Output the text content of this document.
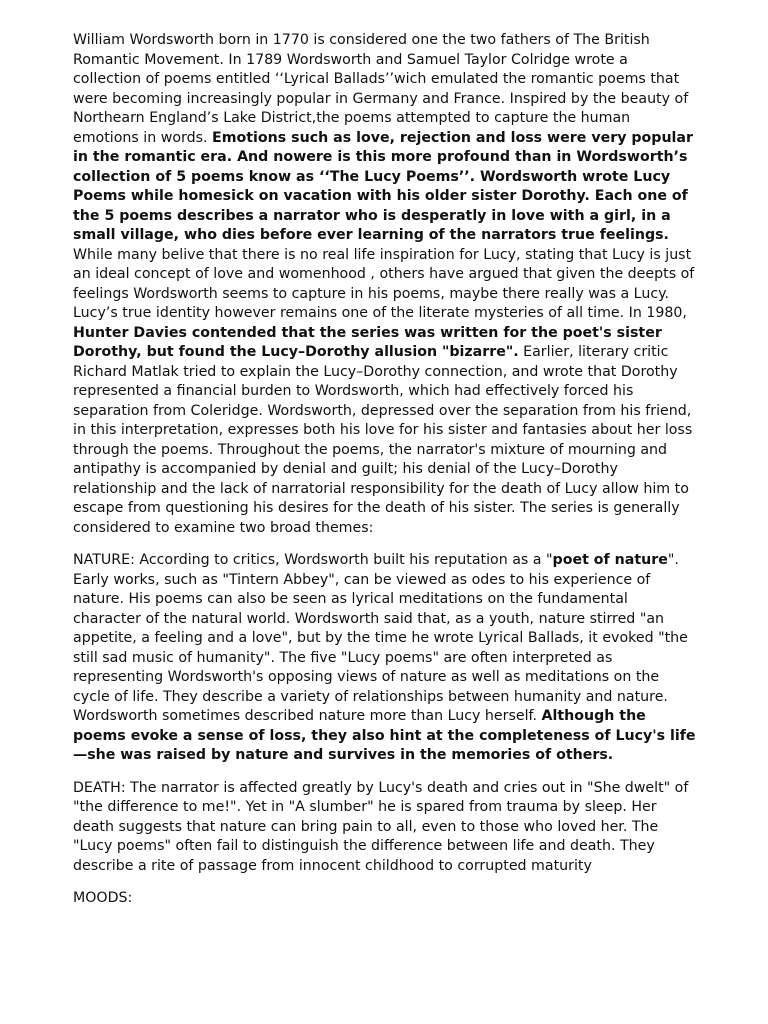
William Wordsworth born in 1770 is considered one the two fathers of The British Romantic Movement. In 1789 Wordsworth and Samuel Taylor Colridge wrote a collection of poems entitled ‘‘Lyrical Ballads’’wich emulated the romantic poems that were becoming increasingly popular in Germany and France. Inspired by the beauty of Northearn England’s Lake District,the poems attempted to capture the human emotions in words. Emotions such as love, rejection and loss were very popular in the romantic era. And nowere is this more profound than in Wordsworth’s collection of 5 poems know as ‘‘The Lucy Poems’’. Wordsworth wrote Lucy Poems while homesick on vacation with his older sister Dorothy. Each one of the 5 poems describes a narrator who is desperatly in love with a girl, in a small village, who dies before ever learning of the narrators true feelings. While many belive that there is no real life inspiration for Lucy, stating that Lucy is just an ideal concept of love and womenhood , others have argued that given the deepts of feelings Wordsworth seems to capture in his poems, maybe there really was a Lucy. Lucy’s true identity however remains one of the literate mysteries of all time. In 1980, Hunter Davies contended that the series was written for the poet's sister Dorothy, but found the Lucy–Dorothy allusion "bizarre". Earlier, literary critic Richard Matlak tried to explain the Lucy–Dorothy connection, and wrote that Dorothy represented a financial burden to Wordsworth, which had effectively forced his separation from Coleridge. Wordsworth, depressed over the separation from his friend, in this interpretation, expresses both his love for his sister and fantasies about her loss through the poems. Throughout the poems, the narrator's mixture of mourning and antipathy is accompanied by denial and guilt; his denial of the Lucy–Dorothy relationship and the lack of narratorial responsibility for the death of Lucy allow him to escape from questioning his desires for the death of his sister. The series is generally considered to examine two broad themes:

NATURE: According to critics, Wordsworth built his reputation as a "poet of nature". Early works, such as "Tintern Abbey", can be viewed as odes to his experience of nature. His poems can also be seen as lyrical meditations on the fundamental character of the natural world. Wordsworth said that, as a youth, nature stirred "an appetite, a feeling and a love", but by the time he wrote Lyrical Ballads, it evoked "the still sad music of humanity". The five "Lucy poems" are often interpreted as representing Wordsworth's opposing views of nature as well as meditations on the cycle of life. They describe a variety of relationships between humanity and nature. Wordsworth sometimes described nature more than Lucy herself. Although the poems evoke a sense of loss, they also hint at the completeness of Lucy's life—she was raised by nature and survives in the memories of others.

DEATH: The narrator is affected greatly by Lucy's death and cries out in "She dwelt" of "the difference to me!". Yet in "A slumber" he is spared from trauma by sleep. Her death suggests that nature can bring pain to all, even to those who loved her. The "Lucy poems" often fail to distinguish the difference between life and death. They describe a rite of passage from innocent childhood to corrupted maturity

MOODS:
